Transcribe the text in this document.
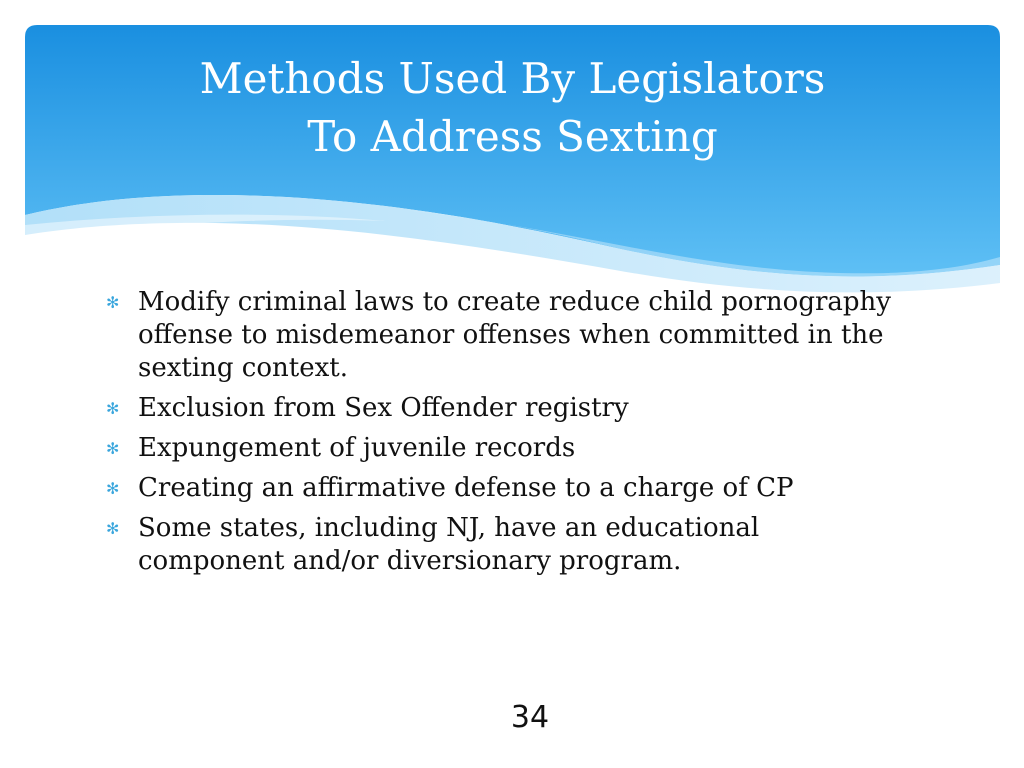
Methods Used By Legislators
To Address Sexting
✻ Modify criminal laws to create reduce child pornography offense to misdemeanor offenses when committed in the sexting context.
✻ Exclusion from Sex Offender registry
✻ Expungement of juvenile records
✻ Creating an affirmative defense to a charge of CP
✻ Some states, including NJ, have an educational component and/or diversionary program.
34
